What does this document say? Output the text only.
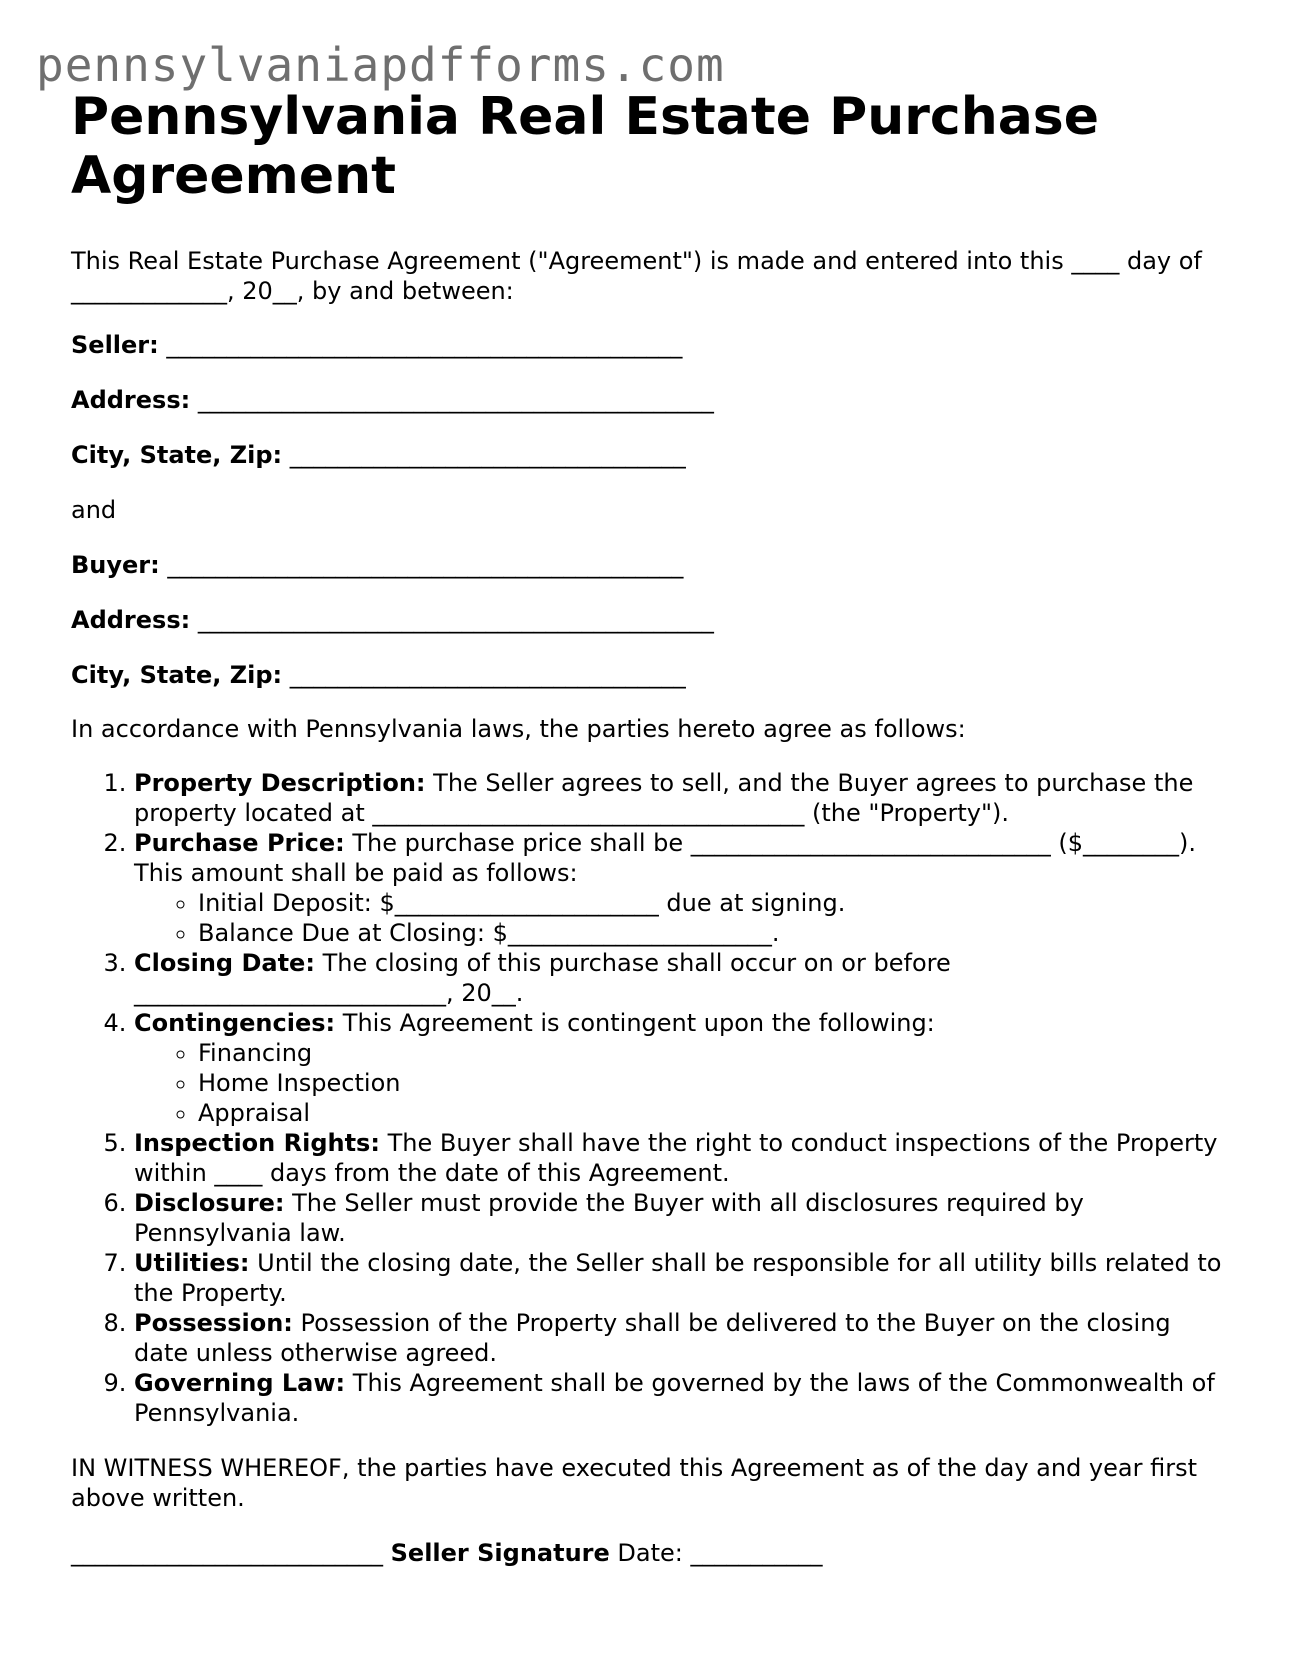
pennsylvaniapdfforms.com
Pennsylvania Real Estate Purchase Agreement

This Real Estate Purchase Agreement ("Agreement") is made and entered into this ____ day of _____________, 20__, by and between:

Seller: ___________________________________________

Address: ___________________________________________

City, State, Zip: _________________________________

and

Buyer: ___________________________________________

Address: ___________________________________________

City, State, Zip: _________________________________

In accordance with Pennsylvania laws, the parties hereto agree as follows:

1. Property Description: The Seller agrees to sell, and the Buyer agrees to purchase the property located at ____________________________________ (the "Property").
2. Purchase Price: The purchase price shall be ______________________________ ($________). This amount shall be paid as follows:
◦ Initial Deposit: $______________________ due at signing.
◦ Balance Due at Closing: $______________________.
3. Closing Date: The closing of this purchase shall occur on or before __________________________, 20__.
4. Contingencies: This Agreement is contingent upon the following:
◦ Financing
◦ Home Inspection
◦ Appraisal
5. Inspection Rights: The Buyer shall have the right to conduct inspections of the Property within ____ days from the date of this Agreement.
6. Disclosure: The Seller must provide the Buyer with all disclosures required by Pennsylvania law.
7. Utilities: Until the closing date, the Seller shall be responsible for all utility bills related to the Property.
8. Possession: Possession of the Property shall be delivered to the Buyer on the closing date unless otherwise agreed.
9. Governing Law: This Agreement shall be governed by the laws of the Commonwealth of Pennsylvania.

IN WITNESS WHEREOF, the parties have executed this Agreement as of the day and year first above written.

__________________________ Seller Signature Date: ___________
